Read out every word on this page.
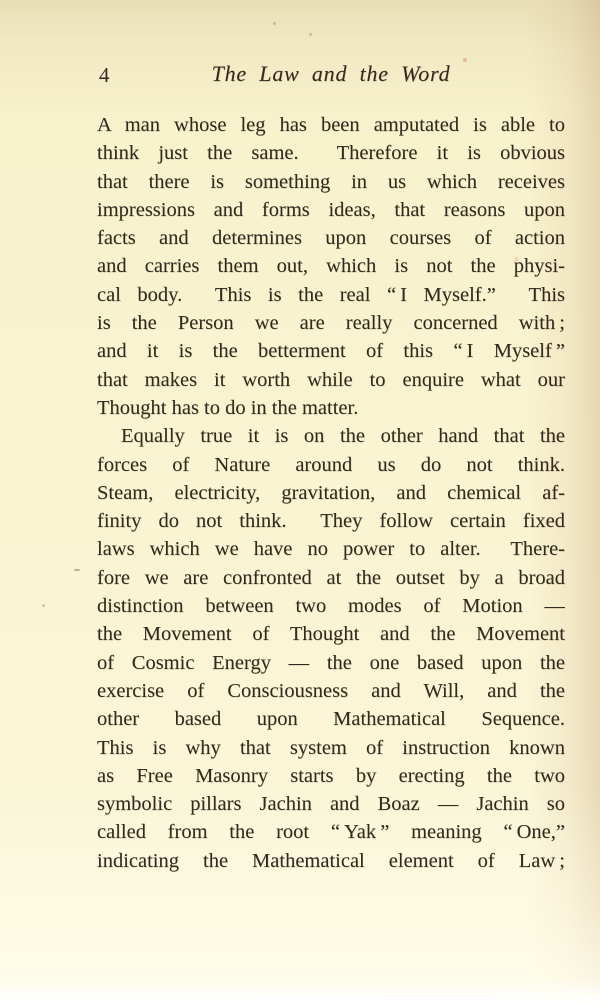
4	The Law and the Word
A man whose leg has been amputated is able to
think just the same.  Therefore it is obvious
that there is something in us which receives
impressions and forms ideas, that reasons upon
facts and determines upon courses of action
and carries them out, which is not the physi-
cal body.  This is the real “ I Myself.”  This
is the Person we are really concerned with ;
and it is the betterment of this “ I Myself ”
that makes it worth while to enquire what our
Thought has to do in the matter.
Equally true it is on the other hand that the
forces of Nature around us do not think.
Steam, electricity, gravitation, and chemical af-
finity do not think.  They follow certain fixed
laws which we have no power to alter.  There-
fore we are confronted at the outset by a broad
distinction between two modes of Motion —
the Movement of Thought and the Movement
of Cosmic Energy — the one based upon the
exercise of Consciousness and Will, and the
other based upon Mathematical Sequence.
This is why that system of instruction known
as Free Masonry starts by erecting the two
symbolic pillars Jachin and Boaz — Jachin so
called from the root “ Yak ” meaning “ One,”
indicating the Mathematical element of Law ;
